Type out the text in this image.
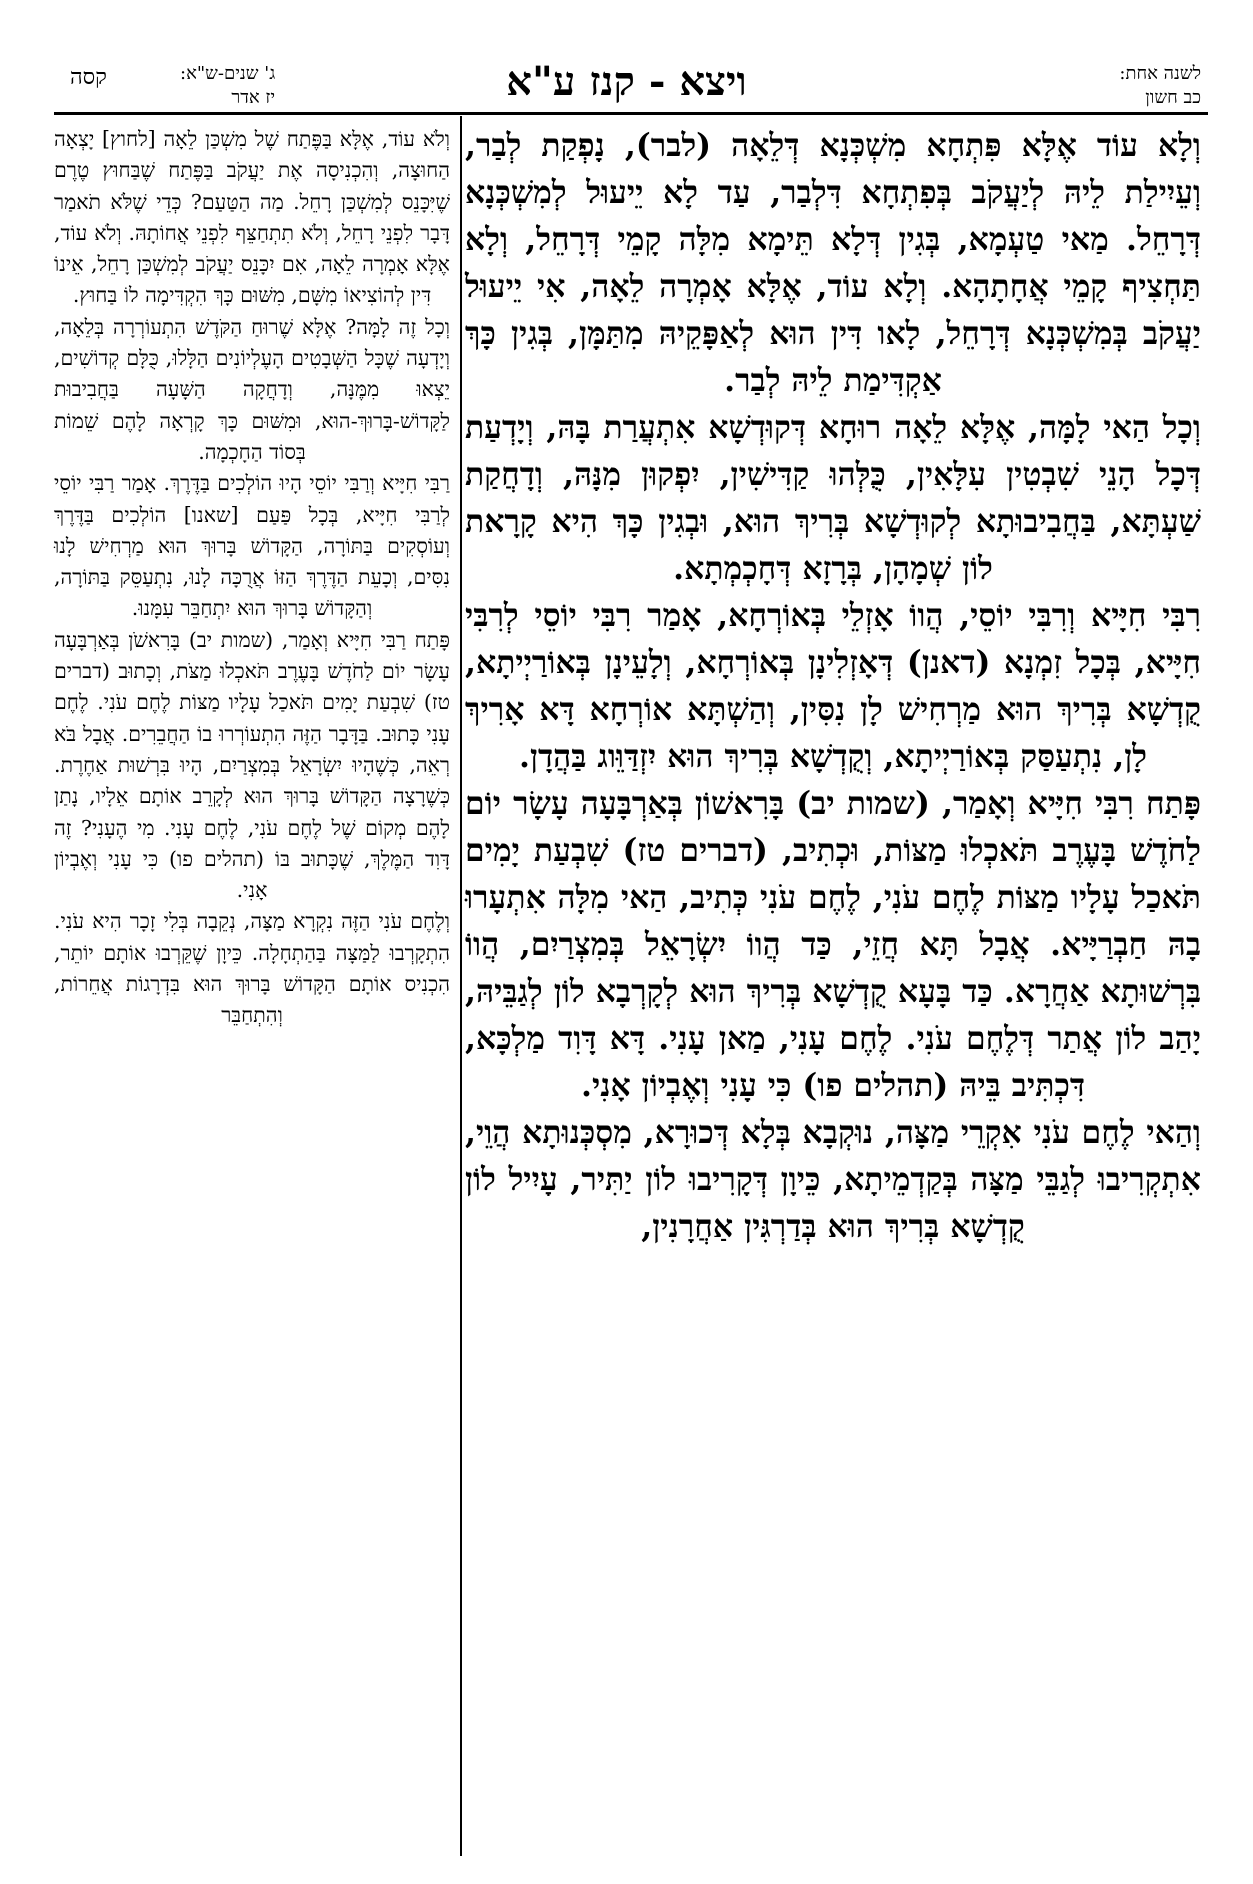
לשנה אחת:
כב חשון
ויצא - קנז ע"א
ג' שנים-ש"א:
יז אדר
קסה

וְלָא עוֹד אֶלָּא פִּתְחָא מִשְׁכְּנָא דְּלֵאָה (לבר), נָפְקַת לְבַר, וְעֵיִילַת לֵיהּ לְיַעֲקֹב בְּפִתְחָא דִּלְבַר, עַד לָא יֵיעוּל לְמִשְׁכְּנָא דְּרָחֵל. מַאי טַעְמָא, בְּגִין דְּלָא תֵּימָא מִלָּה קָמֵי דְּרָחֵל, וְלָא תַּחְצִיף קָמֵי אֲחָתָהָא. וְלָא עוֹד, אֶלָּא אָמְרָה לֵאָה, אִי יֵיעוּל יַעֲקֹב בְּמִשְׁכְּנָא דְּרָחֵל, לָאו דִּין הוּא לְאַפָּקֵיהּ מִתַּמָּן, בְּגִין כָּךְ אַקְדִּימַת לֵיהּ לְבַר.

וְכָל הַאי לָמָּה, אֶלָּא לֵאָה רוּחָא דְּקוּדְשָׁא אִתְעֲרַת בָּהּ, וְיָדְעַת דְּכָל הָנֵי שִׁבְטִין עִלָּאִין, כֻּלְּהוּ קַדִּישִׁין, יִפְקוּן מִנָּהּ, וְדָחֲקַת שַׁעְתָּא, בַּחֲבִיבוּתָא לְקוּדְשָׁא בְּרִיךְ הוּא, וּבְגִין כָּךְ הִיא קָרָאת לוֹן שְׁמָהָן, בְּרָזָא דְּחָכְמְתָא.

רִבִּי חִיָּיא וְרִבִּי יוֹסֵי, הֲווֹ אָזְלֵי בְּאוֹרְחָא, אָמַר רִבִּי יוֹסֵי לְרִבִּי חִיָּיא, בְּכָל זִמְנָא (דאנן) דְּאָזְלִינָן בְּאוֹרְחָא, וְלָעֵינָן בְּאוֹרַיְיתָא, קֻדְשָׁא בְּרִיךְ הוּא מַרְחִישׁ לָן נִסִּין, וְהַשְׁתָּא אוֹרְחָא דָּא אָרִיךְ לָן, נִתְעַסַּק בְּאוֹרַיְיתָא, וְקֻדְשָׁא בְּרִיךְ הוּא יִזְדַּוֵּוג בַּהֲדָן.

פָּתַח רִבִּי חִיָּיא וְאָמַר, (שמות יב) בָּרִאשׁוֹן בְּאַרְבָּעָה עָשָׂר יוֹם לַחֹדֶשׁ בָּעֶרֶב תֹּאכְלוּ מַצּוֹת, וּכְתִיב, (דברים טז) שִׁבְעַת יָמִים תֹּאכַל עָלָיו מַצּוֹת לֶחֶם עֹנִי, לֶחֶם עֹנִי כְּתִיב, הַאי מִלָּה אִתְעָרוּ בָהּ חַבְרַיָּיא. אֲבָל תָּא חֲזֵי, כַּד הֲווֹ יִשְׂרָאֵל בְּמִצְרַיִם, הֲווֹ בִּרְשׁוּתָא אַחֲרָא. כַּד בָּעָא קֻדְשָׁא בְּרִיךְ הוּא לְקָרְבָא לוֹן לְגַבֵּיהּ, יָהַב לוֹן אֲתַר דְּלֶחֶם עֹנִי. לֶחֶם עָנִי, מַאן עָנִי. דָּא דָּוִד מַלְכָּא, דִּכְתִּיב בֵּיהּ (תהלים פו) כִּי עָנִי וְאֶבְיוֹן אָנִי.

וְהַאי לֶחֶם עֹנִי אִקְרֵי מַצָּה, נוּקְבָא בְּלָא דְּכוּרָא, מִסְכְּנוּתָא הֲוֵי, אִתְקְרִיבוּ לְגַבֵּי מַצָּה בְּקַדְמֵיתָא, כֵּיוָן דְּקָרִיבוּ לוֹן יַתִּיר, עָיִיל לוֹן קֻדְשָׁא בְּרִיךְ הוּא בְּדַרְגִּין אַחֲרָנִין,

וְלֹא עוֹד, אֶלָּא בַּפֶּתַח שֶׁל מִשְׁכַּן לֵאָה [לחוץ] יָצְאָה הַחוּצָה, וְהִכְנִיסָה אֶת יַעֲקֹב בַּפֶּתַח שֶׁבַּחוּץ טֶרֶם שֶׁיִּכָּנֵס לְמִשְׁכַּן רָחֵל. מַה הַטַּעַם? כְּדֵי שֶׁלֹּא תֹאמַר דָּבָר לִפְנֵי רָחֵל, וְלֹא תִתְחַצֵּף לִפְנֵי אֲחוֹתָהּ. וְלֹא עוֹד, אֶלָּא אָמְרָה לֵאָה, אִם יִכָּנֵס יַעֲקֹב לְמִשְׁכַּן רָחֵל, אֵינוֹ דִּין לְהוֹצִיאוֹ מִשָּׁם, מִשּׁוּם כָּךְ הִקְדִּימָה לוֹ בַּחוּץ.

וְכָל זֶה לָמָּה? אֶלָּא שֶׁרוּחַ הַקֹּדֶשׁ הִתְעוֹרְרָה בְּלֵאָה, וְיָדְעָה שֶׁכָּל הַשְּׁבָטִים הָעֶלְיוֹנִים הַלָּלוּ, כֻּלָּם קְדוֹשִׁים, יֵצְאוּ מִמֶּנָּה, וְדָחֲקָה הַשָּׁעָה בַּחֲבִיבוּת לַקָּדוֹשׁ-בָּרוּךְ-הוּא, וּמִשּׁוּם כָּךְ קָרְאָה לָהֶם שֵׁמוֹת בְּסוֹד הַחָכְמָה.

רַבִּי חִיָּיא וְרַבִּי יוֹסֵי הָיוּ הוֹלְכִים בַּדֶּרֶךְ. אָמַר רַבִּי יוֹסֵי לְרַבִּי חִיָּיא, בְּכָל פַּעַם [שאנו] הוֹלְכִים בַּדֶּרֶךְ וְעוֹסְקִים בַּתּוֹרָה, הַקָּדוֹשׁ בָּרוּךְ הוּא מַרְחִישׁ לָנוּ נִסִּים, וְכָעֵת הַדֶּרֶךְ הַזּוֹ אֲרֻכָּה לָנוּ, נִתְעַסֵּק בַּתּוֹרָה, וְהַקָּדוֹשׁ בָּרוּךְ הוּא יִתְחַבֵּר עִמָּנוּ.

פָּתַח רַבִּי חִיָּיא וְאָמַר, (שמות יב) בָּרִאשֹׁן בְּאַרְבָּעָה עָשָׂר יוֹם לַחֹדֶשׁ בָּעֶרֶב תֹּאכְלוּ מַצֹּת, וְכָתוּב (דברים טז) שִׁבְעַת יָמִים תֹּאכַל עָלָיו מַצּוֹת לֶחֶם עֹנִי. לֶחֶם עָנִי כָּתוּב. בַּדָּבָר הַזֶּה הִתְעוֹרְרוּ בוֹ הַחֲבֵרִים. אֲבָל בֹּא רְאֵה, כְּשֶׁהָיוּ יִשְׂרָאֵל בְּמִצְרַיִם, הָיוּ בִּרְשׁוּת אַחֶרֶת. כְּשֶׁרָצָה הַקָּדוֹשׁ בָּרוּךְ הוּא לְקָרֵב אוֹתָם אֵלָיו, נָתַן לָהֶם מְקוֹם שֶׁל לֶחֶם עֹנִי, לֶחֶם עָנִי. מִי הֶעָנִי? זֶה דָּוִד הַמֶּלֶךְ, שֶׁכָּתוּב בּוֹ (תהלים פו) כִּי עָנִי וְאֶבְיוֹן אָנִי.

וְלֶחֶם עֹנִי הַזֶּה נִקְרָא מַצָּה, נְקֵבָה בְּלִי זָכָר הִיא עֹנִי. הִתְקָרְבוּ לַמַּצָּה בַּהַתְחָלָה. כֵּיוָן שֶׁקֵּרְבוּ אוֹתָם יוֹתֵר, הִכְנִיס אוֹתָם הַקָּדוֹשׁ בָּרוּךְ הוּא בִּדְרָגוֹת אֲחֵרוֹת, וְהִתְחַבֵּר
